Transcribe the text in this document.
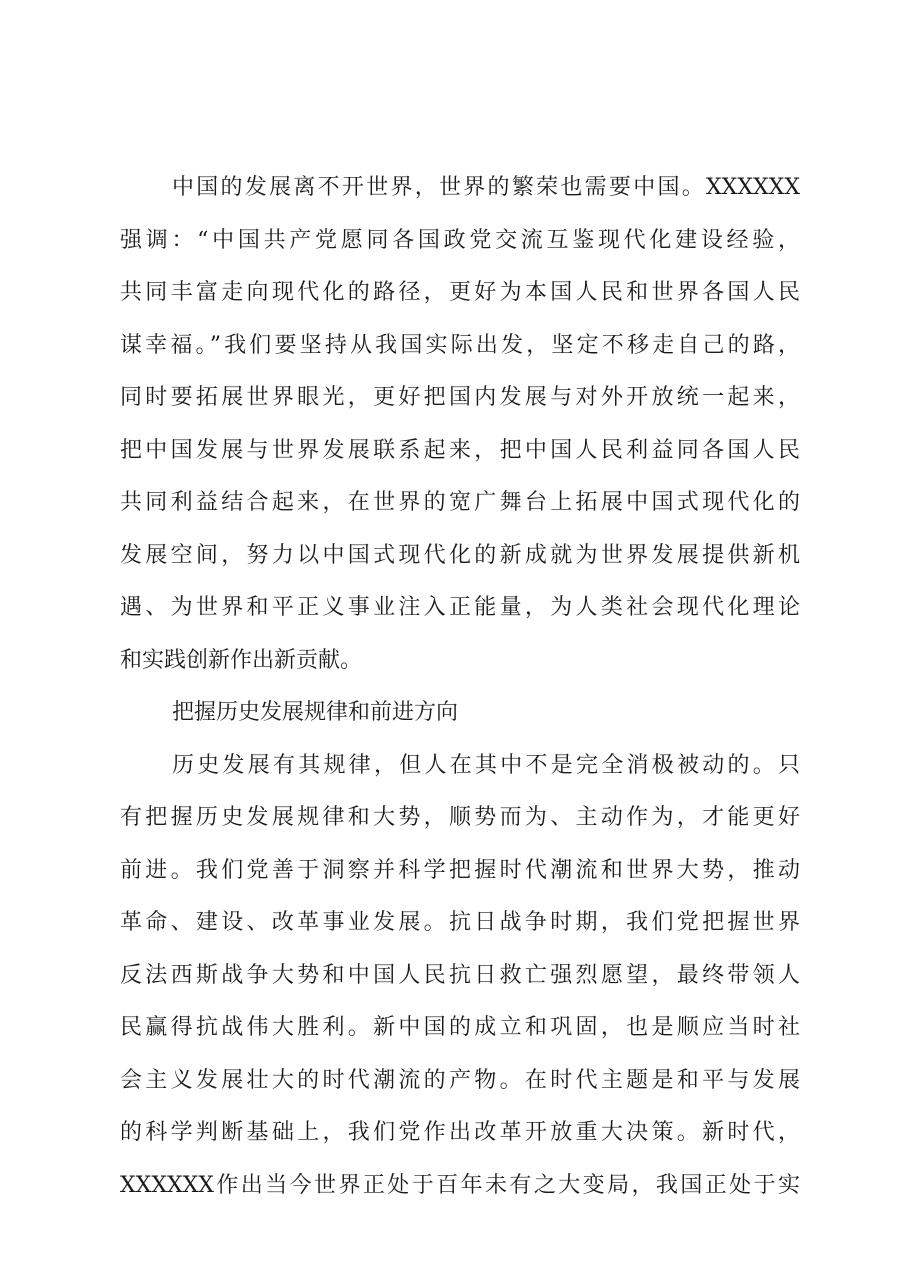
中国的发展离不开世界，世界的繁荣也需要中国。XXXXXX
强调：“中国共产党愿同各国政党交流互鉴现代化建设经验，
共同丰富走向现代化的路径，更好为本国人民和世界各国人民
谋幸福。”我们要坚持从我国实际出发，坚定不移走自己的路，
同时要拓展世界眼光，更好把国内发展与对外开放统一起来，
把中国发展与世界发展联系起来，把中国人民利益同各国人民
共同利益结合起来，在世界的宽广舞台上拓展中国式现代化的
发展空间，努力以中国式现代化的新成就为世界发展提供新机
遇、为世界和平正义事业注入正能量，为人类社会现代化理论
和实践创新作出新贡献。
把握历史发展规律和前进方向
历史发展有其规律，但人在其中不是完全消极被动的。只
有把握历史发展规律和大势，顺势而为、主动作为，才能更好
前进。我们党善于洞察并科学把握时代潮流和世界大势，推动
革命、建设、改革事业发展。抗日战争时期，我们党把握世界
反法西斯战争大势和中国人民抗日救亡强烈愿望，最终带领人
民赢得抗战伟大胜利。新中国的成立和巩固，也是顺应当时社
会主义发展壮大的时代潮流的产物。在时代主题是和平与发展
的科学判断基础上，我们党作出改革开放重大决策。新时代，
XXXXXX作出当今世界正处于百年未有之大变局，我国正处于实
